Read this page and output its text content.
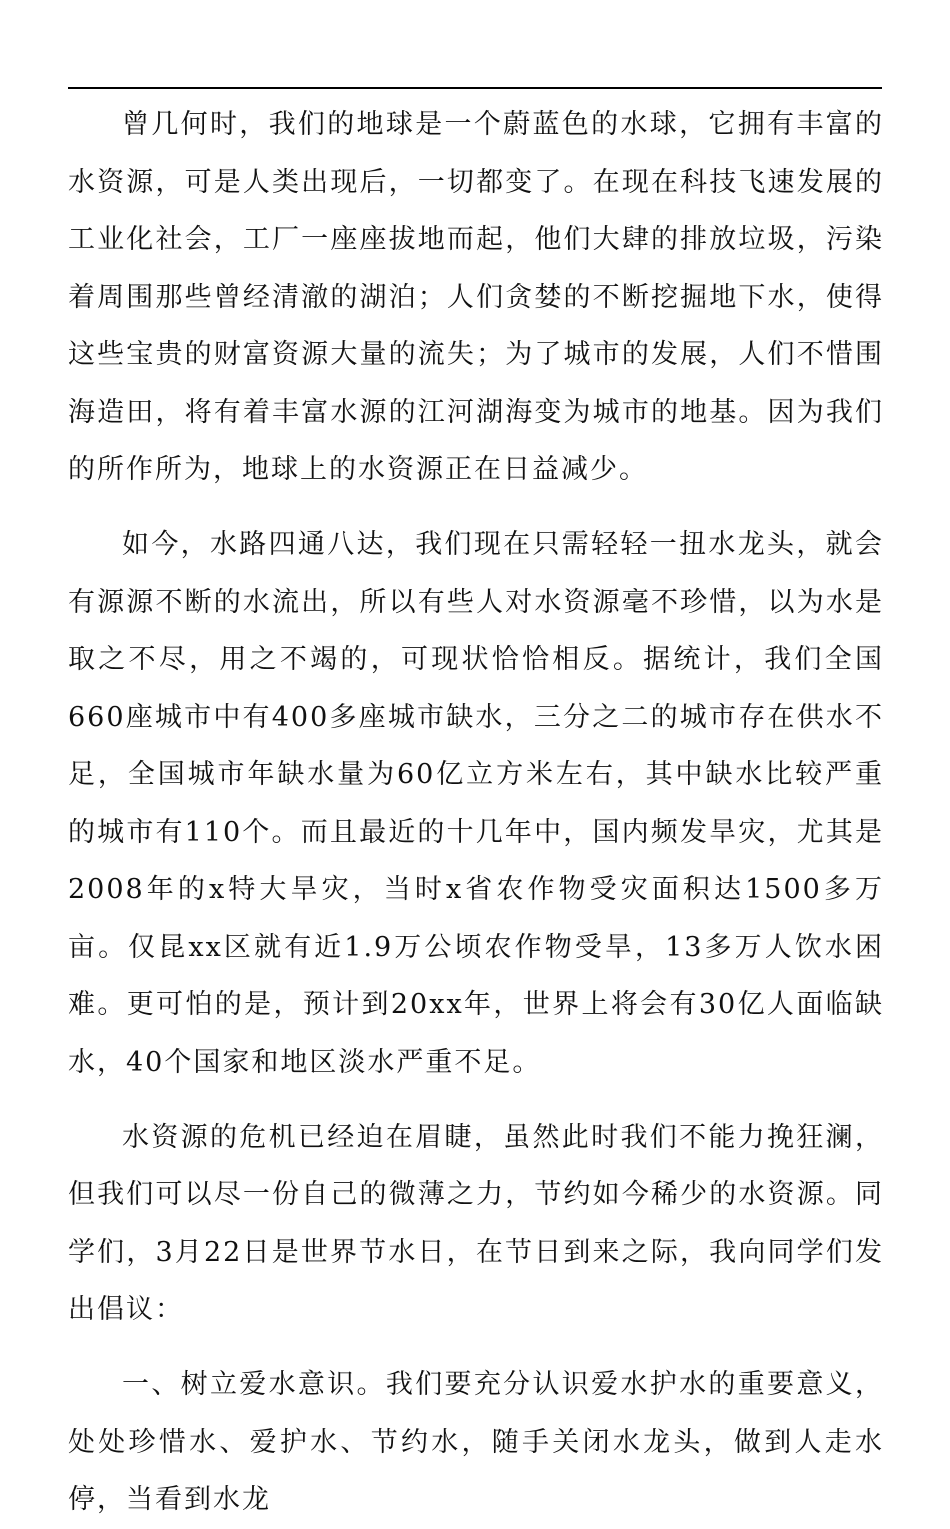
曾几何时，我们的地球是一个蔚蓝色的水球，它拥有丰富的水资源，可是人类出现后，一切都变了。在现在科技飞速发展的工业化社会，工厂一座座拔地而起，他们大肆的排放垃圾，污染着周围那些曾经清澈的湖泊；人们贪婪的不断挖掘地下水，使得这些宝贵的财富资源大量的流失；为了城市的发展，人们不惜围海造田，将有着丰富水源的江河湖海变为城市的地基。因为我们的所作所为，地球上的水资源正在日益减少。

如今，水路四通八达，我们现在只需轻轻一扭水龙头，就会有源源不断的水流出，所以有些人对水资源毫不珍惜，以为水是取之不尽，用之不竭的，可现状恰恰相反。据统计，我们全国660座城市中有400多座城市缺水，三分之二的城市存在供水不足，全国城市年缺水量为60亿立方米左右，其中缺水比较严重的城市有110个。而且最近的十几年中，国内频发旱灾，尤其是2008年的x特大旱灾，当时x省农作物受灾面积达1500多万亩。仅昆xx区就有近1.9万公顷农作物受旱，13多万人饮水困难。更可怕的是，预计到20xx年，世界上将会有30亿人面临缺水，40个国家和地区淡水严重不足。

水资源的危机已经迫在眉睫，虽然此时我们不能力挽狂澜，但我们可以尽一份自己的微薄之力，节约如今稀少的水资源。同学们，3月22日是世界节水日，在节日到来之际，我向同学们发出倡议：

一、树立爱水意识。我们要充分认识爱水护水的重要意义，处处珍惜水、爱护水、节约水，随手关闭水龙头，做到人走水停，当看到水龙
